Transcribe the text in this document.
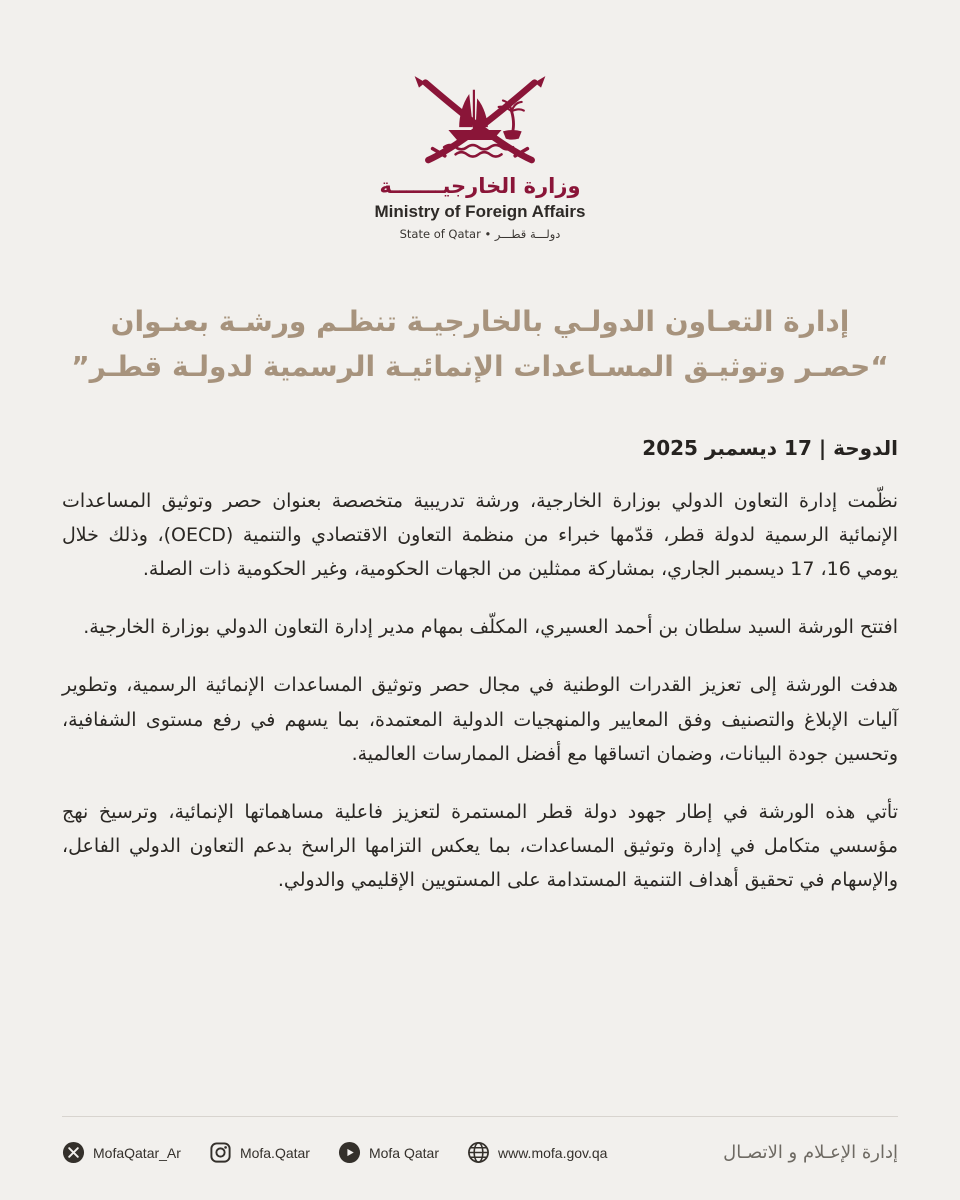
وزارة الخارجيـــــــة
Ministry of Foreign Affairs
دولـــة قطـــر • State of Qatar
إدارة التعـاون الدولـي بالخارجيـة تنظـم ورشـة بعنـوان “حصـر وتوثيـق المسـاعدات الإنمائيـة الرسمية لدولـة قطـر”
الدوحة | 17 ديسمبر 2025

نظّمت إدارة التعاون الدولي بوزارة الخارجية، ورشة تدريبية متخصصة بعنوان حصر وتوثيق المساعدات الإنمائية الرسمية لدولة قطر، قدّمها خبراء من منظمة التعاون الاقتصادي والتنمية (OECD)، وذلك خلال يومي 16، 17 ديسمبر الجاري، بمشاركة ممثلين من الجهات الحكومية، وغير الحكومية ذات الصلة.

افتتح الورشة السيد سلطان بن أحمد العسيري، المكلّف بمهام مدير إدارة التعاون الدولي بوزارة الخارجية.

هدفت الورشة إلى تعزيز القدرات الوطنية في مجال حصر وتوثيق المساعدات الإنمائية الرسمية، وتطوير آليات الإبلاغ والتصنيف وفق المعايير والمنهجيات الدولية المعتمدة، بما يسهم في رفع مستوى الشفافية، وتحسين جودة البيانات، وضمان اتساقها مع أفضل الممارسات العالمية.

تأتي هذه الورشة في إطار جهود دولة قطر المستمرة لتعزيز فاعلية مساهماتها الإنمائية، وترسيخ نهج مؤسسي متكامل في إدارة وتوثيق المساعدات، بما يعكس التزامها الراسخ بدعم التعاون الدولي الفاعل، والإسهام في تحقيق أهداف التنمية المستدامة على المستويين الإقليمي والدولي.

MofaQatar_Ar	Mofa.Qatar	Mofa Qatar	www.mofa.gov.qa	إدارة الإعـلام و الاتصـال
